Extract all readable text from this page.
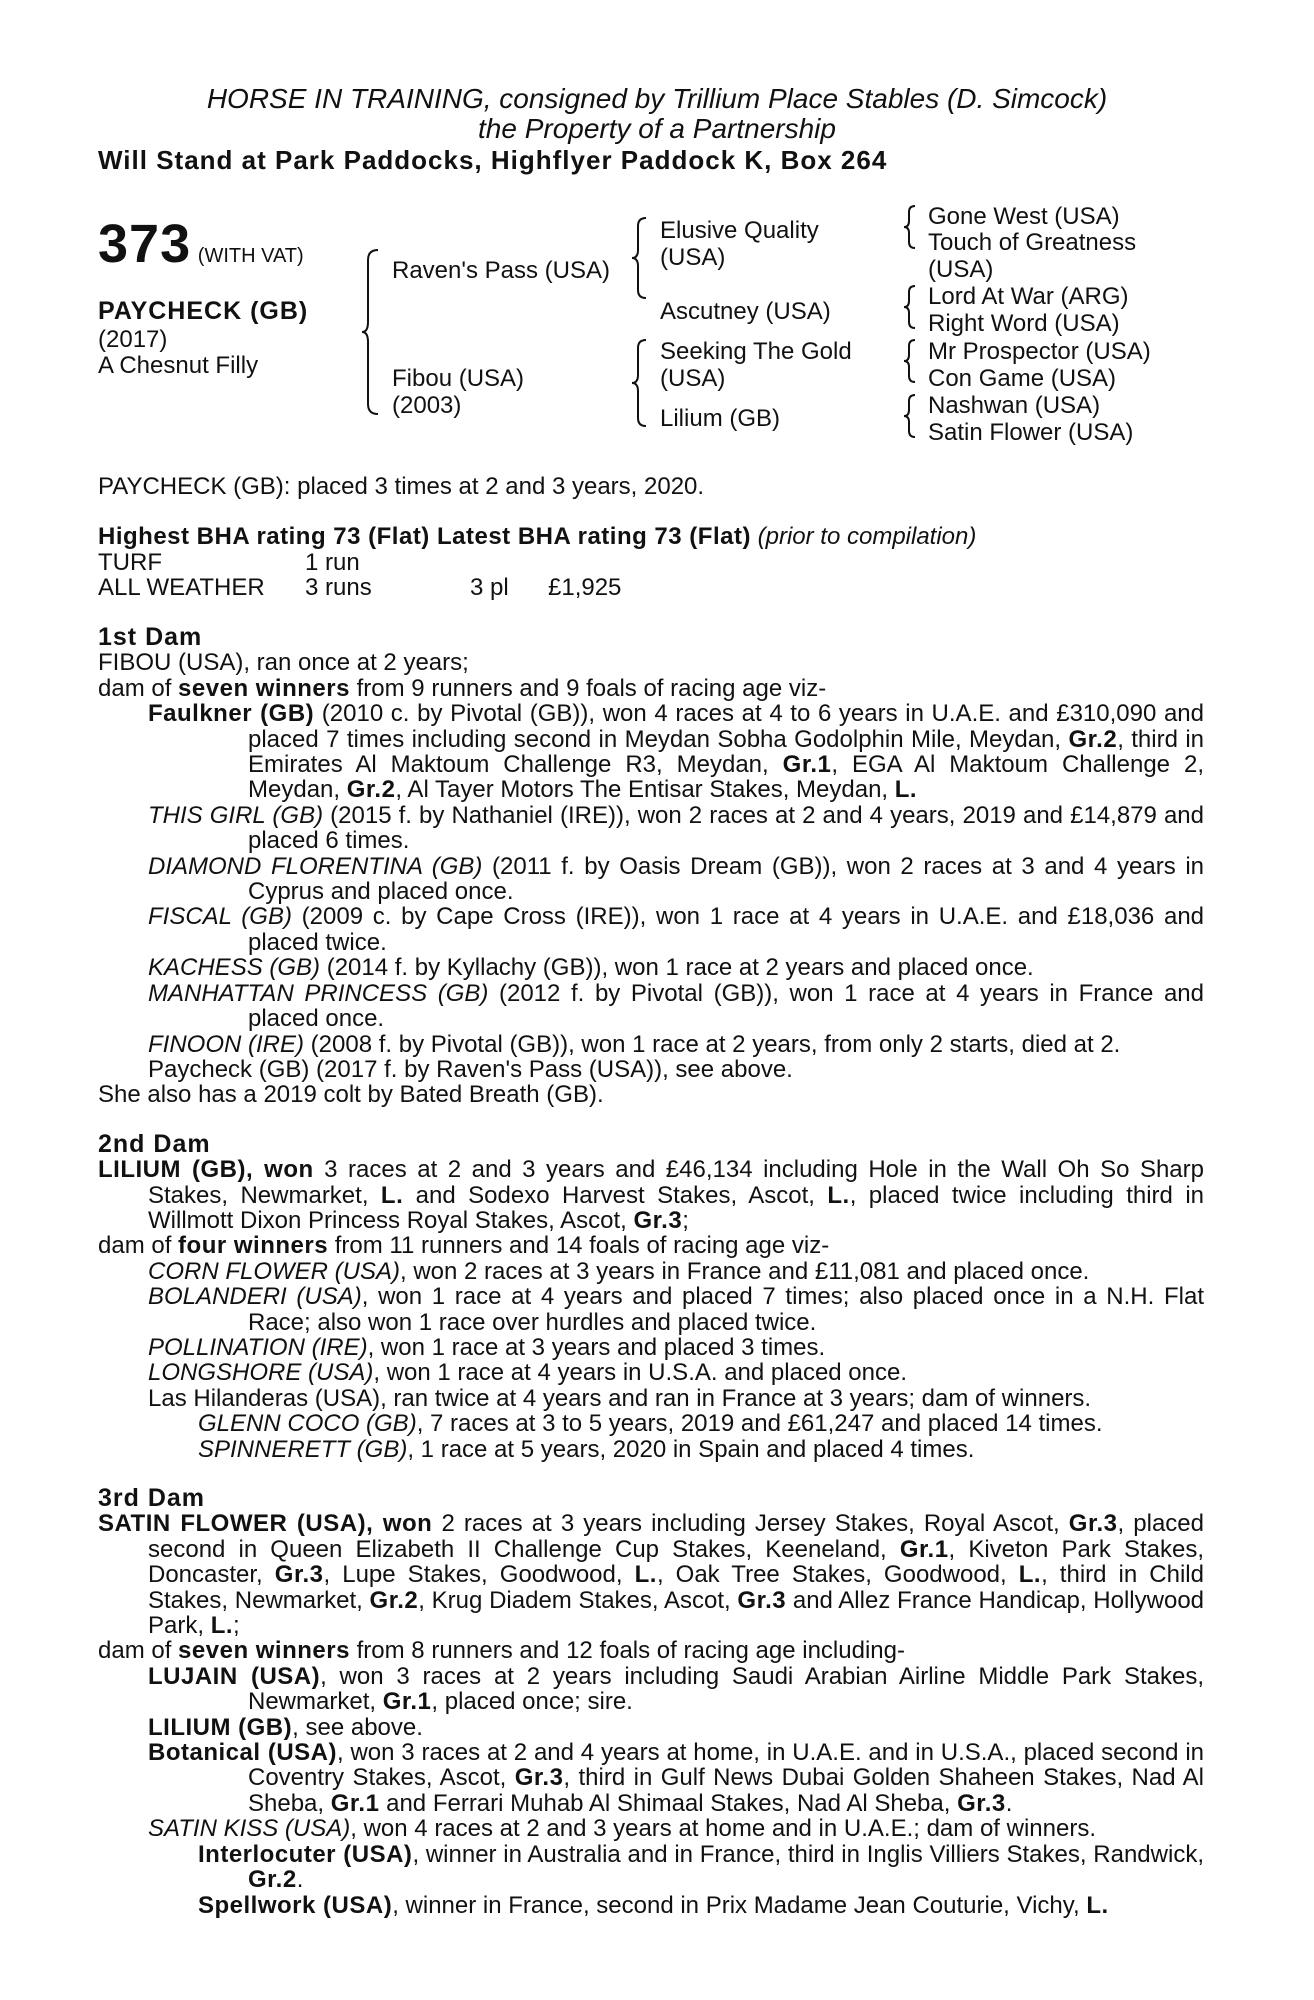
HORSE IN TRAINING, consigned by Trillium Place Stables (D. Simcock)
the Property of a Partnership
Will Stand at Park Paddocks, Highflyer Paddock K, Box 264
373 (WITH VAT)
PAYCHECK (GB)
(2017)
A Chesnut Filly
Raven's Pass (USA)
Fibou (USA)
(2003)
Elusive Quality
(USA)
Ascutney (USA)
Seeking The Gold
(USA)
Lilium (GB)
Gone West (USA)
Touch of Greatness
(USA)
Lord At War (ARG)
Right Word (USA)
Mr Prospector (USA)
Con Game (USA)
Nashwan (USA)
Satin Flower (USA)
PAYCHECK (GB): placed 3 times at 2 and 3 years, 2020.
Highest BHA rating 73 (Flat) Latest BHA rating 73 (Flat) (prior to compilation)
TURF	1 run
ALL WEATHER 3 runs	3 pl £1,925

1st Dam

FIBOU (USA), ran once at 2 years;

dam of seven winners from 9 runners and 9 foals of racing age viz-

Faulkner (GB) (2010 c. by Pivotal (GB)), won 4 races at 4 to 6 years in U.A.E. and £310,090 and placed 7 times including second in Meydan Sobha Godolphin Mile, Meydan, Gr.2, third in Emirates Al Maktoum Challenge R3, Meydan, Gr.1, EGA Al Maktoum Challenge 2, Meydan, Gr.2, Al Tayer Motors The Entisar Stakes, Meydan, L.

THIS GIRL (GB) (2015 f. by Nathaniel (IRE)), won 2 races at 2 and 4 years, 2019 and £14,879 and placed 6 times.

DIAMOND FLORENTINA (GB) (2011 f. by Oasis Dream (GB)), won 2 races at 3 and 4 years in Cyprus and placed once.

FISCAL (GB) (2009 c. by Cape Cross (IRE)), won 1 race at 4 years in U.A.E. and £18,036 and placed twice.

KACHESS (GB) (2014 f. by Kyllachy (GB)), won 1 race at 2 years and placed once.

MANHATTAN PRINCESS (GB) (2012 f. by Pivotal (GB)), won 1 race at 4 years in France and placed once.

FINOON (IRE) (2008 f. by Pivotal (GB)), won 1 race at 2 years, from only 2 starts, died at 2.

Paycheck (GB) (2017 f. by Raven's Pass (USA)), see above.

She also has a 2019 colt by Bated Breath (GB).

2nd Dam

LILIUM (GB), won 3 races at 2 and 3 years and £46,134 including Hole in the Wall Oh So Sharp Stakes, Newmarket, L. and Sodexo Harvest Stakes, Ascot, L., placed twice including third in Willmott Dixon Princess Royal Stakes, Ascot, Gr.3;

dam of four winners from 11 runners and 14 foals of racing age viz-

CORN FLOWER (USA), won 2 races at 3 years in France and £11,081 and placed once.

BOLANDERI (USA), won 1 race at 4 years and placed 7 times; also placed once in a N.H. Flat Race; also won 1 race over hurdles and placed twice.

POLLINATION (IRE), won 1 race at 3 years and placed 3 times.

LONGSHORE (USA), won 1 race at 4 years in U.S.A. and placed once.

Las Hilanderas (USA), ran twice at 4 years and ran in France at 3 years; dam of winners.

GLENN COCO (GB), 7 races at 3 to 5 years, 2019 and £61,247 and placed 14 times.

SPINNERETT (GB), 1 race at 5 years, 2020 in Spain and placed 4 times.

3rd Dam

SATIN FLOWER (USA), won 2 races at 3 years including Jersey Stakes, Royal Ascot, Gr.3, placed second in Queen Elizabeth II Challenge Cup Stakes, Keeneland, Gr.1, Kiveton Park Stakes, Doncaster, Gr.3, Lupe Stakes, Goodwood, L., Oak Tree Stakes, Goodwood, L., third in Child Stakes, Newmarket, Gr.2, Krug Diadem Stakes, Ascot, Gr.3 and Allez France Handicap, Hollywood Park, L.;

dam of seven winners from 8 runners and 12 foals of racing age including-

LUJAIN (USA), won 3 races at 2 years including Saudi Arabian Airline Middle Park Stakes, Newmarket, Gr.1, placed once; sire.

LILIUM (GB), see above.

Botanical (USA), won 3 races at 2 and 4 years at home, in U.A.E. and in U.S.A., placed second in Coventry Stakes, Ascot, Gr.3, third in Gulf News Dubai Golden Shaheen Stakes, Nad Al Sheba, Gr.1 and Ferrari Muhab Al Shimaal Stakes, Nad Al Sheba, Gr.3.

SATIN KISS (USA), won 4 races at 2 and 3 years at home and in U.A.E.; dam of winners.

Interlocuter (USA), winner in Australia and in France, third in Inglis Villiers Stakes, Randwick, Gr.2.

Spellwork (USA), winner in France, second in Prix Madame Jean Couturie, Vichy, L.
